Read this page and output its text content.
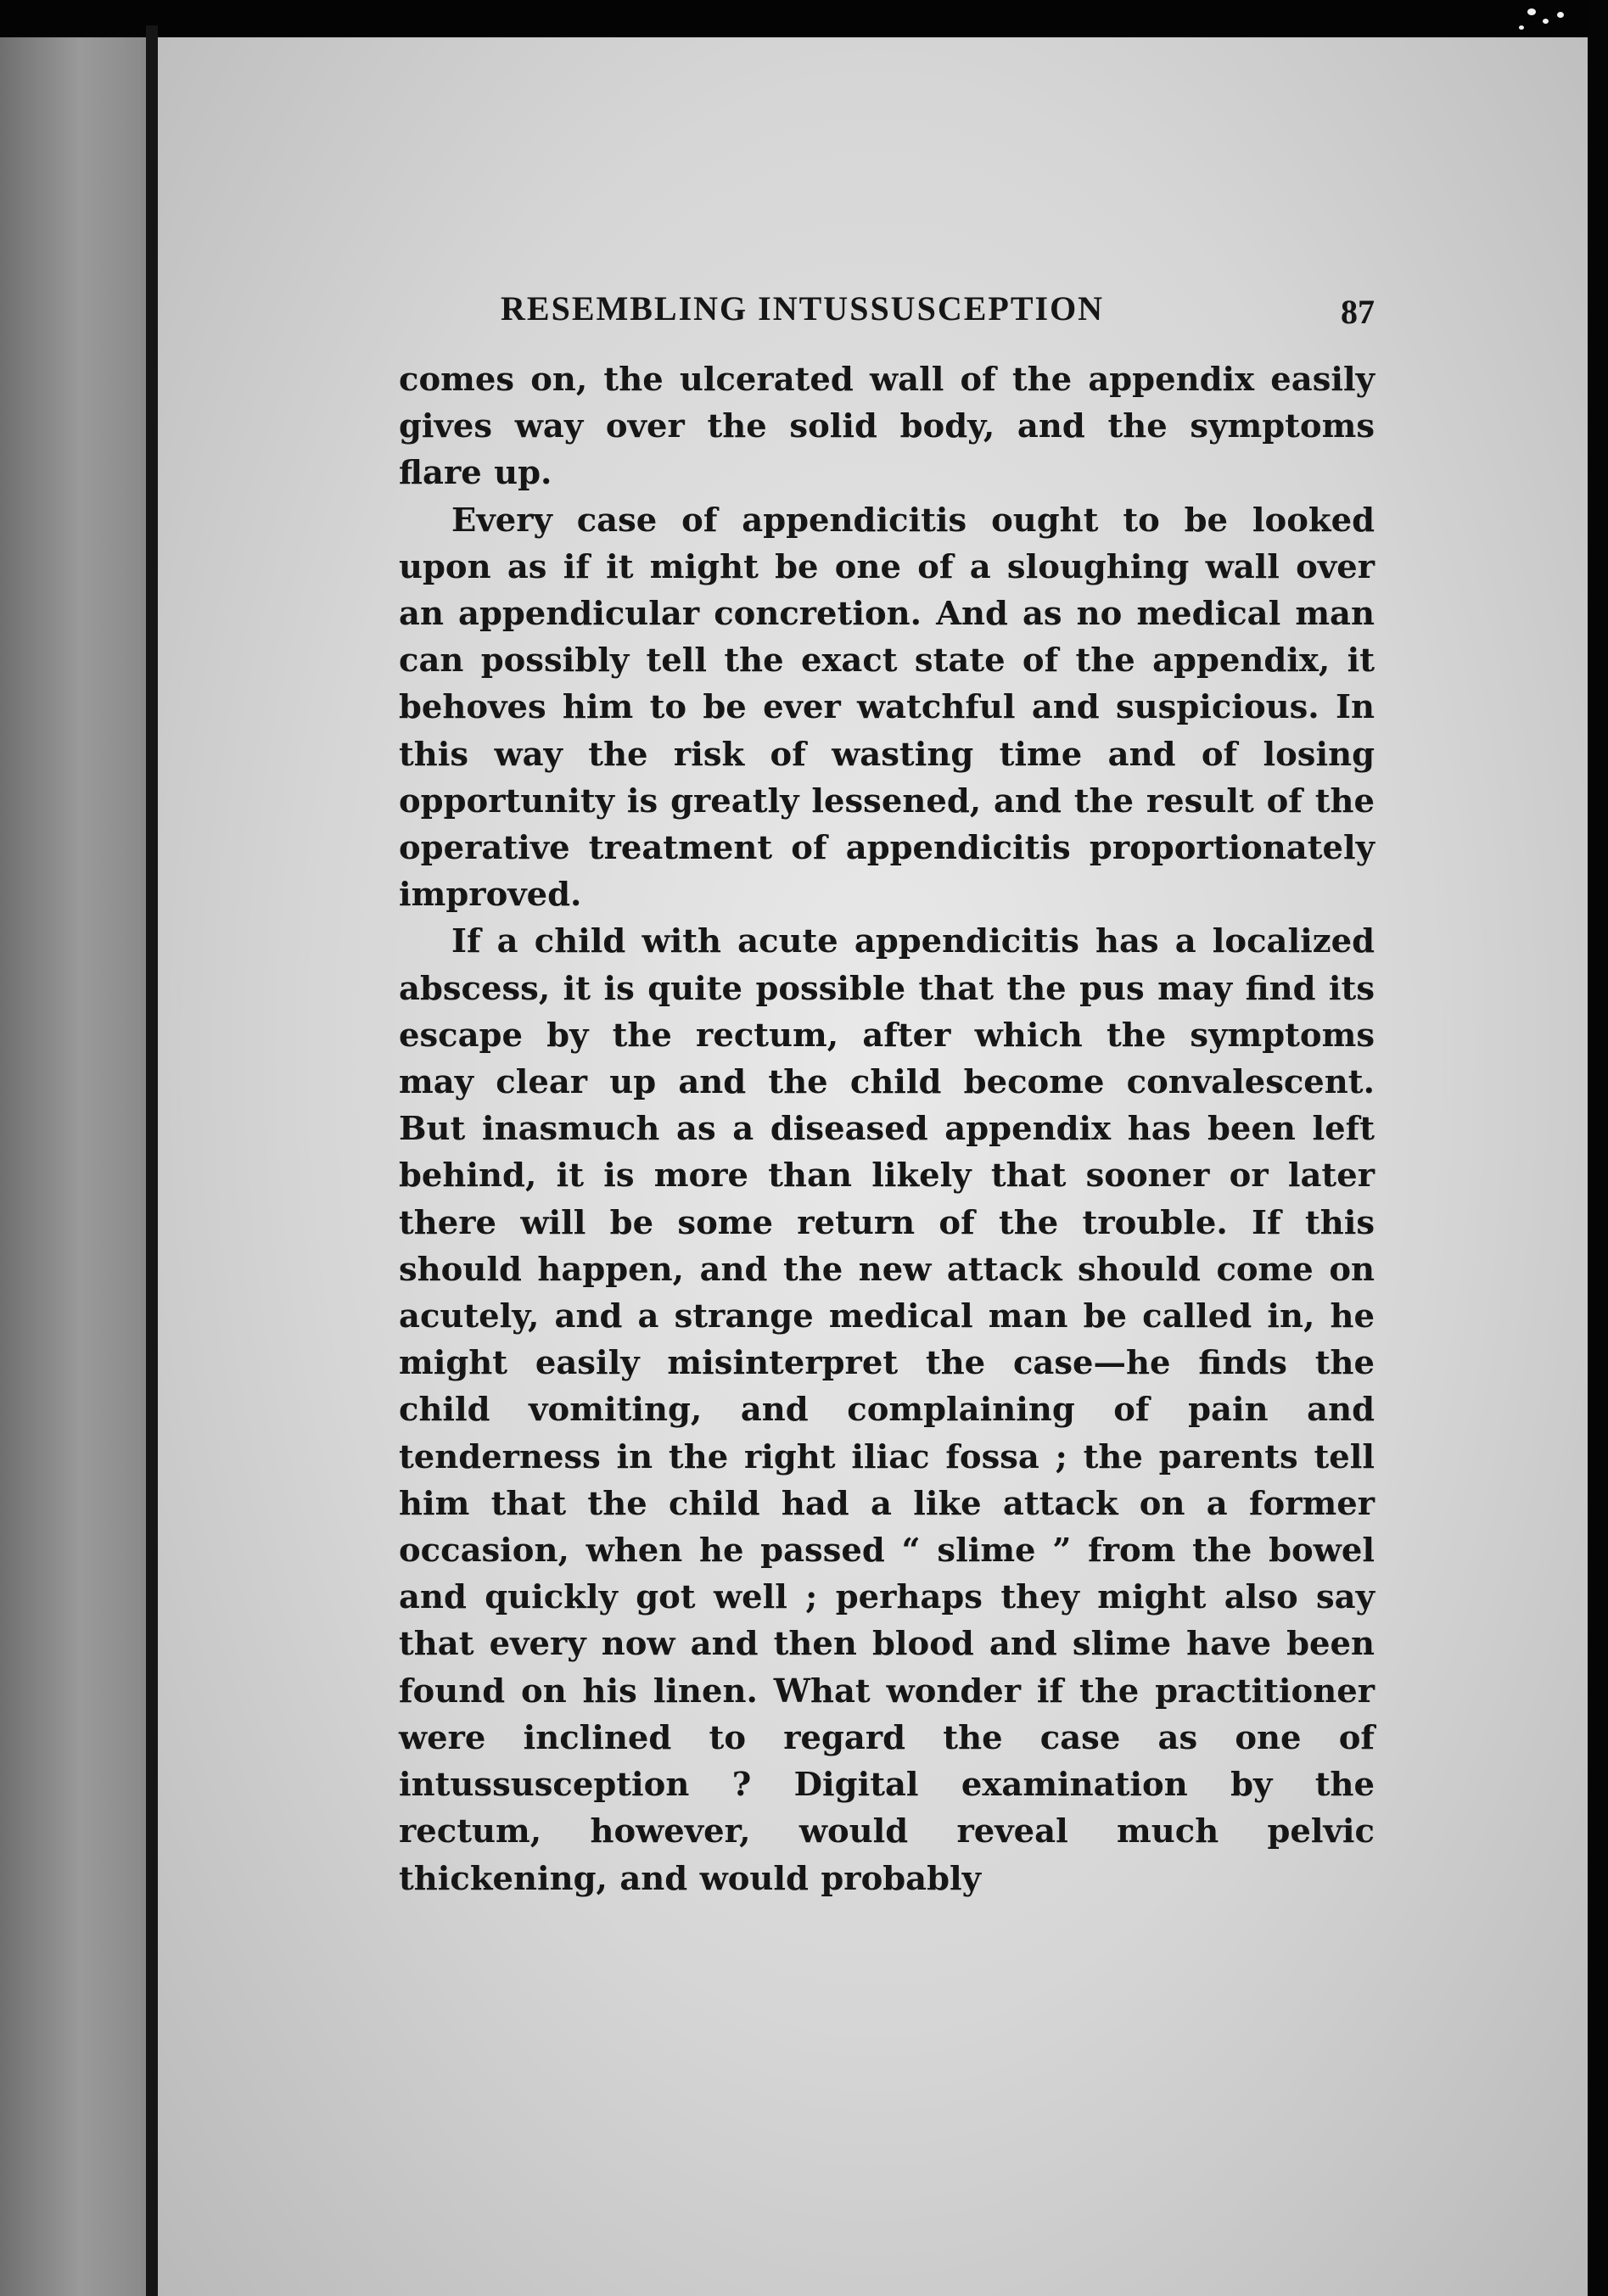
RESEMBLING INTUSSUSCEPTION	87

comes on, the ulcerated wall of the appendix easily gives way over the solid body, and the symptoms flare up.

Every case of appendicitis ought to be looked upon as if it might be one of a sloughing wall over an appendicular concretion. And as no medical man can possibly tell the exact state of the appendix, it behoves him to be ever watchful and suspicious. In this way the risk of wasting time and of losing opportunity is greatly lessened, and the result of the operative treatment of appendicitis proportionately improved.

If a child with acute appendicitis has a localized abscess, it is quite possible that the pus may find its escape by the rectum, after which the symptoms may clear up and the child become convalescent. But inasmuch as a diseased appendix has been left behind, it is more than likely that sooner or later there will be some return of the trouble. If this should happen, and the new attack should come on acutely, and a strange medical man be called in, he might easily misinterpret the case—he finds the child vomiting, and complaining of pain and tenderness in the right iliac fossa ; the parents tell him that the child had a like attack on a former occasion, when he passed “ slime ” from the bowel and quickly got well ; perhaps they might also say that every now and then blood and slime have been found on his linen. What wonder if the practitioner were inclined to regard the case as one of intussusception ? Digital examination by the rectum, however, would reveal much pelvic thickening, and would probably
